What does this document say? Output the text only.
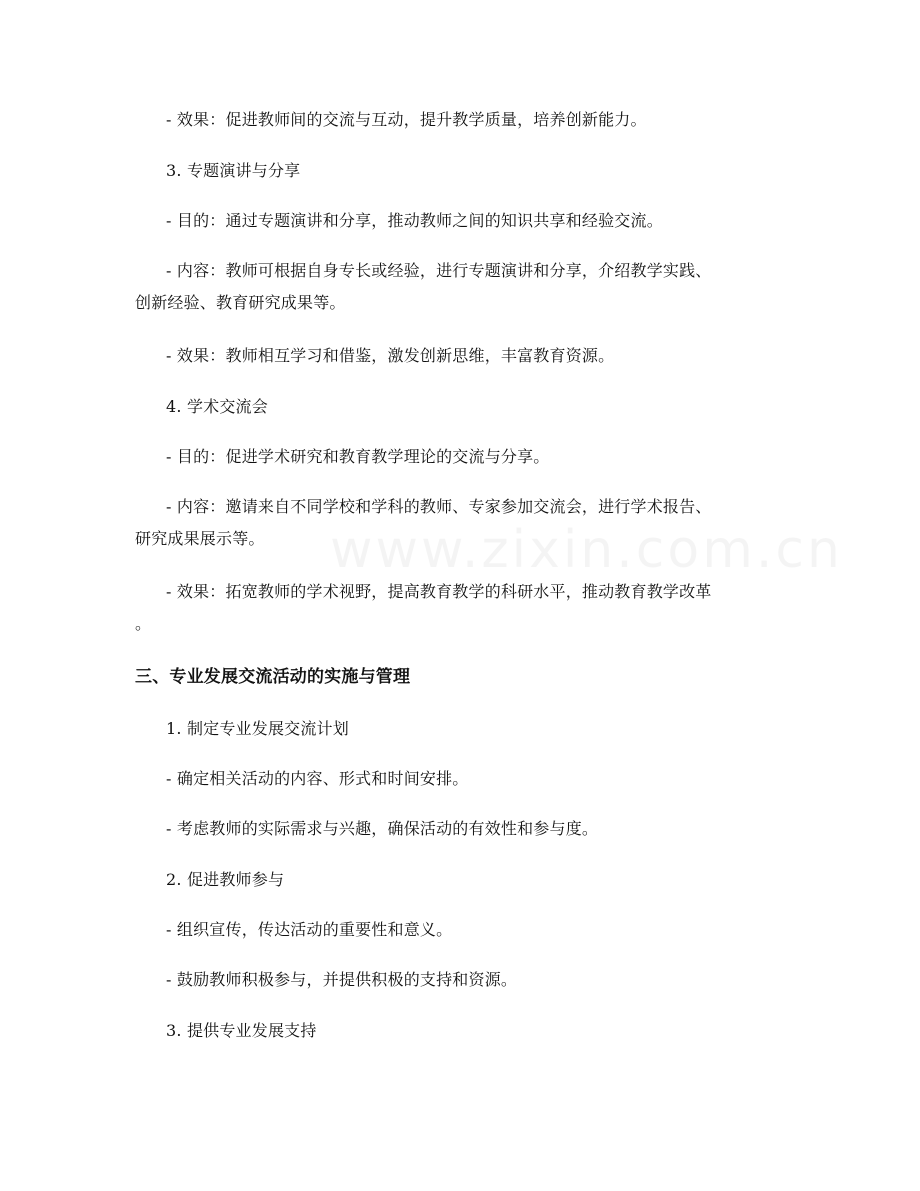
- 效果：促进教师间的交流与互动，提升教学质量，培养创新能力。
3. 专题演讲与分享
- 目的：通过专题演讲和分享，推动教师之间的知识共享和经验交流。
- 内容：教师可根据自身专长或经验，进行专题演讲和分享，介绍教学实践、
创新经验、教育研究成果等。
- 效果：教师相互学习和借鉴，激发创新思维，丰富教育资源。
4. 学术交流会
- 目的：促进学术研究和教育教学理论的交流与分享。
- 内容：邀请来自不同学校和学科的教师、专家参加交流会，进行学术报告、
研究成果展示等。
- 效果：拓宽教师的学术视野，提高教育教学的科研水平，推动教育教学改革
。
三、专业发展交流活动的实施与管理
1. 制定专业发展交流计划
- 确定相关活动的内容、形式和时间安排。
- 考虑教师的实际需求与兴趣，确保活动的有效性和参与度。
2. 促进教师参与
- 组织宣传，传达活动的重要性和意义。
- 鼓励教师积极参与，并提供积极的支持和资源。
3. 提供专业发展支持
